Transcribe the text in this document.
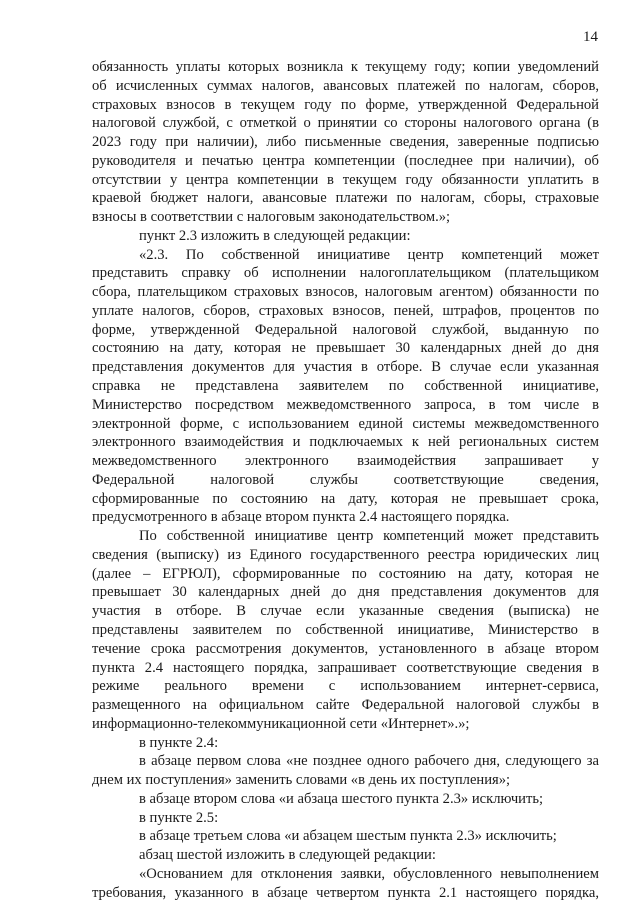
14
обязанность уплаты которых возникла к текущему году; копии уведомлений
об исчисленных суммах налогов, авансовых платежей по налогам, сборов,
страховых взносов в текущем году по форме, утвержденной Федеральной
налоговой службой, с отметкой о принятии со стороны налогового органа (в
2023 году при наличии), либо письменные сведения, заверенные подписью
руководителя и печатью центра компетенции (последнее при наличии), об
отсутствии у центра компетенции в текущем году обязанности уплатить в
краевой бюджет налоги, авансовые платежи по налогам, сборы, страховые
взносы в соответствии с налоговым законодательством.»;
пункт 2.3 изложить в следующей редакции:
«2.3. По собственной инициативе центр компетенций может
представить справку об исполнении налогоплательщиком (плательщиком
сбора, плательщиком страховых взносов, налоговым агентом) обязанности по
уплате налогов, сборов, страховых взносов, пеней, штрафов, процентов по
форме, утвержденной Федеральной налоговой службой, выданную по
состоянию на дату, которая не превышает 30 календарных дней до дня
представления документов для участия в отборе. В случае если указанная
справка не представлена заявителем по собственной инициативе,
Министерство посредством межведомственного запроса, в том числе в
электронной форме, с использованием единой системы межведомственного
электронного взаимодействия и подключаемых к ней региональных систем
межведомственного электронного взаимодействия запрашивает у
Федеральной налоговой службы соответствующие сведения,
сформированные по состоянию на дату, которая не превышает срока,
предусмотренного в абзаце втором пункта 2.4 настоящего порядка.
По собственной инициативе центр компетенций может представить
сведения (выписку) из Единого государственного реестра юридических лиц
(далее – ЕГРЮЛ), сформированные по состоянию на дату, которая не
превышает 30 календарных дней до дня представления документов для
участия в отборе. В случае если указанные сведения (выписка) не
представлены заявителем по собственной инициативе, Министерство в
течение срока рассмотрения документов, установленного в абзаце втором
пункта 2.4 настоящего порядка, запрашивает соответствующие сведения в
режиме реального времени с использованием интернет-сервиса,
размещенного на официальном сайте Федеральной налоговой службы в
информационно-телекоммуникационной сети «Интернет».»;
в пункте 2.4:
в абзаце первом слова «не позднее одного рабочего дня, следующего за
днем их поступления» заменить словами «в день их поступления»;
в абзаце втором слова «и абзаца шестого пункта 2.3» исключить;
в пункте 2.5:
в абзаце третьем слова «и абзацем шестым пункта 2.3» исключить;
абзац шестой изложить в следующей редакции:
«Основанием для отклонения заявки, обусловленного невыполнением
требования, указанного в абзаце четвертом пункта 2.1 настоящего порядка,
